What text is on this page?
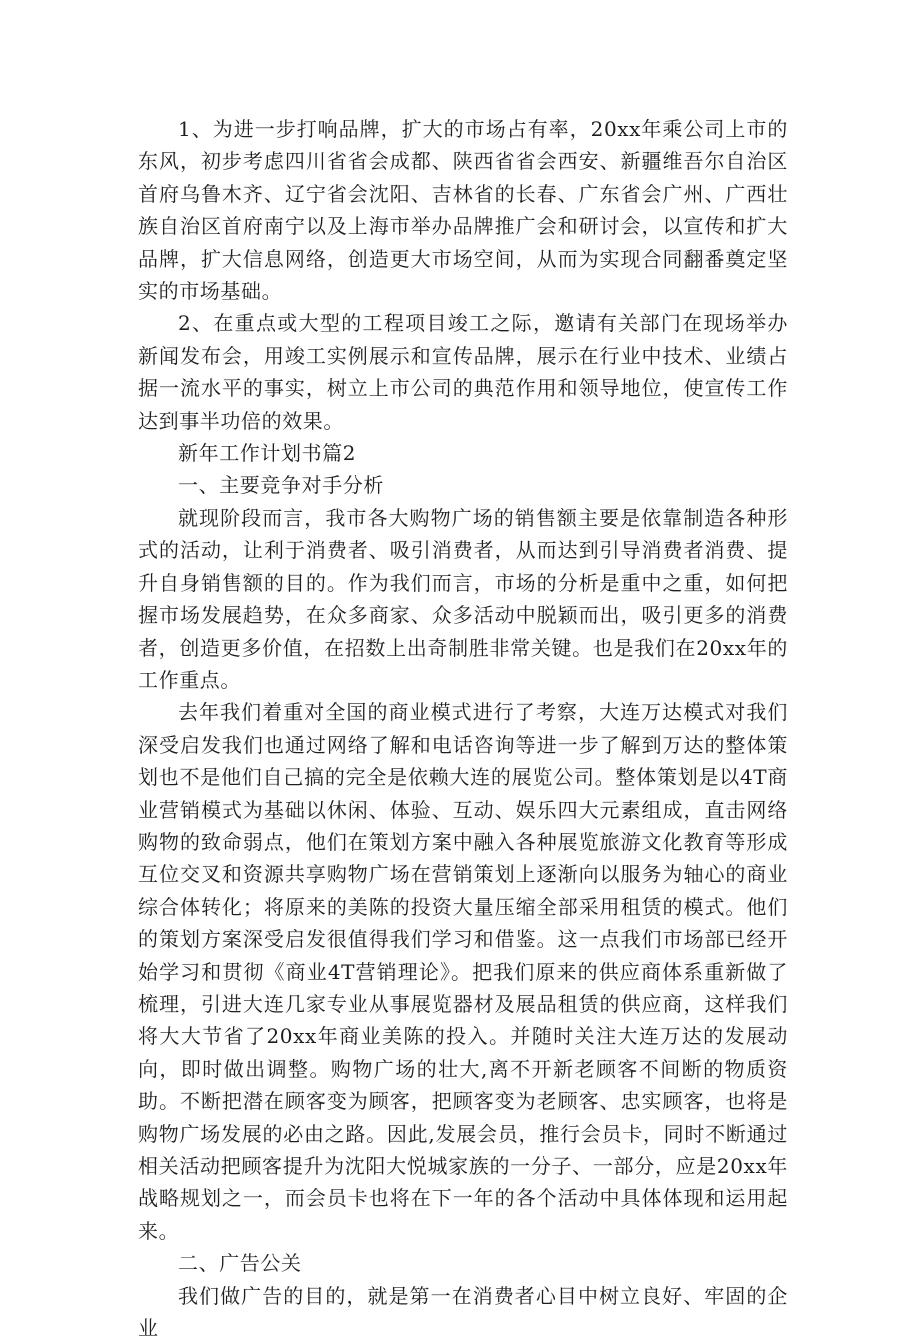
1、为进一步打响品牌，扩大的市场占有率，20xx年乘公司上市的东风，初步考虑四川省省会成都、陕西省省会西安、新疆维吾尔自治区首府乌鲁木齐、辽宁省会沈阳、吉林省的长春、广东省会广州、广西壮族自治区首府南宁以及上海市举办品牌推广会和研讨会，以宣传和扩大品牌，扩大信息网络，创造更大市场空间，从而为实现合同翻番奠定坚实的市场基础。

2、在重点或大型的工程项目竣工之际，邀请有关部门在现场举办新闻发布会，用竣工实例展示和宣传品牌，展示在行业中技术、业绩占据一流水平的事实，树立上市公司的典范作用和领导地位，使宣传工作达到事半功倍的效果。

新年工作计划书篇2

一、主要竞争对手分析

就现阶段而言，我市各大购物广场的销售额主要是依靠制造各种形式的活动，让利于消费者、吸引消费者，从而达到引导消费者消费、提升自身销售额的目的。作为我们而言，市场的分析是重中之重，如何把握市场发展趋势，在众多商家、众多活动中脱颖而出，吸引更多的消费者，创造更多价值，在招数上出奇制胜非常关键。也是我们在20xx年的工作重点。

去年我们着重对全国的商业模式进行了考察，大连万达模式对我们深受启发我们也通过网络了解和电话咨询等进一步了解到万达的整体策划也不是他们自己搞的完全是依赖大连的展览公司。整体策划是以4T商业营销模式为基础以休闲、体验、互动、娱乐四大元素组成，直击网络购物的致命弱点，他们在策划方案中融入各种展览旅游文化教育等形成互位交叉和资源共享购物广场在营销策划上逐渐向以服务为轴心的商业综合体转化；将原来的美陈的投资大量压缩全部采用租赁的模式。他们的策划方案深受启发很值得我们学习和借鉴。这一点我们市场部已经开始学习和贯彻《商业4T营销理论》。把我们原来的供应商体系重新做了梳理，引进大连几家专业从事展览器材及展品租赁的供应商，这样我们将大大节省了20xx年商业美陈的投入。并随时关注大连万达的发展动向，即时做出调整。购物广场的壮大,离不开新老顾客不间断的物质资助。不断把潜在顾客变为顾客，把顾客变为老顾客、忠实顾客，也将是购物广场发展的必由之路。因此,发展会员，推行会员卡，同时不断通过相关活动把顾客提升为沈阳大悦城家族的一分子、一部分，应是20xx年战略规划之一，而会员卡也将在下一年的各个活动中具体体现和运用起来。

二、广告公关

我们做广告的目的，就是第一在消费者心目中树立良好、牢固的企业
